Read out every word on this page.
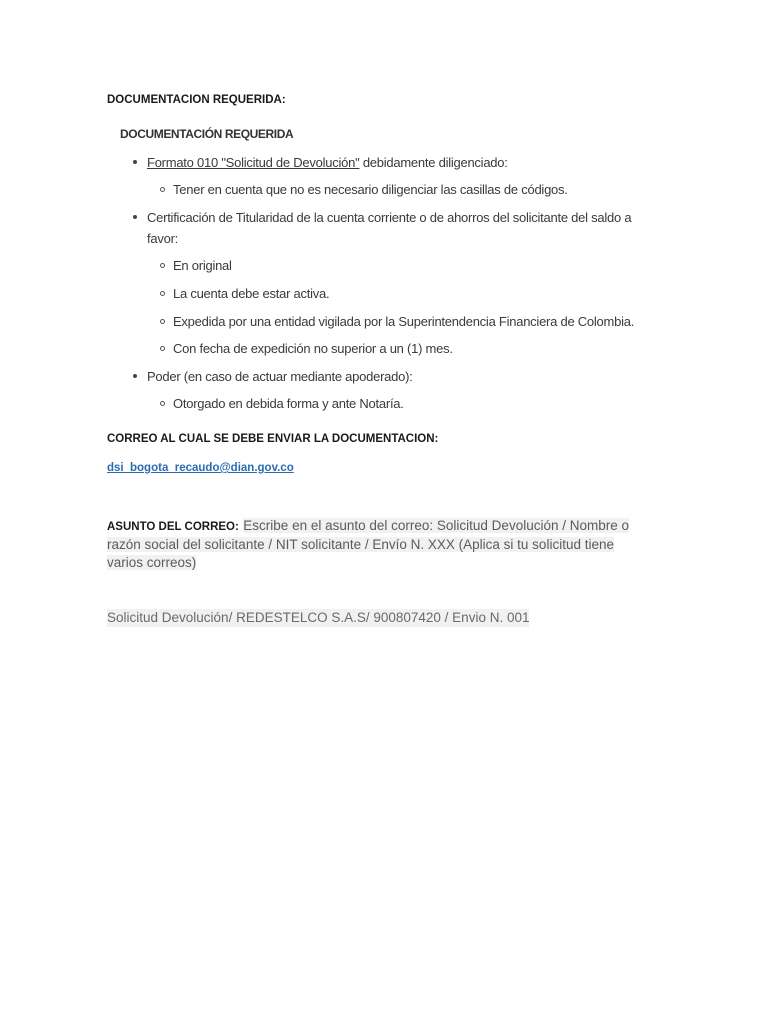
DOCUMENTACION REQUERIDA:
DOCUMENTACIÓN REQUERIDA
Formato 010 "Solicitud de Devolución" debidamente diligenciado:
Tener en cuenta que no es necesario diligenciar las casillas de códigos.
Certificación de Titularidad de la cuenta corriente o de ahorros del solicitante del saldo a favor:
En original
La cuenta debe estar activa.
Expedida por una entidad vigilada por la Superintendencia Financiera de Colombia.
Con fecha de expedición no superior a un (1) mes.
Poder (en caso de actuar mediante apoderado):
Otorgado en debida forma y ante Notaría.
CORREO AL CUAL SE DEBE ENVIAR LA DOCUMENTACION:
dsi_bogota_recaudo@dian.gov.co
ASUNTO DEL CORREO: Escribe en el asunto del correo: Solicitud Devolución / Nombre o razón social del solicitante / NIT solicitante / Envío N. XXX (Aplica si tu solicitud tiene varios correos)
Solicitud Devolución/ REDESTELCO S.A.S/ 900807420 / Envio N. 001
